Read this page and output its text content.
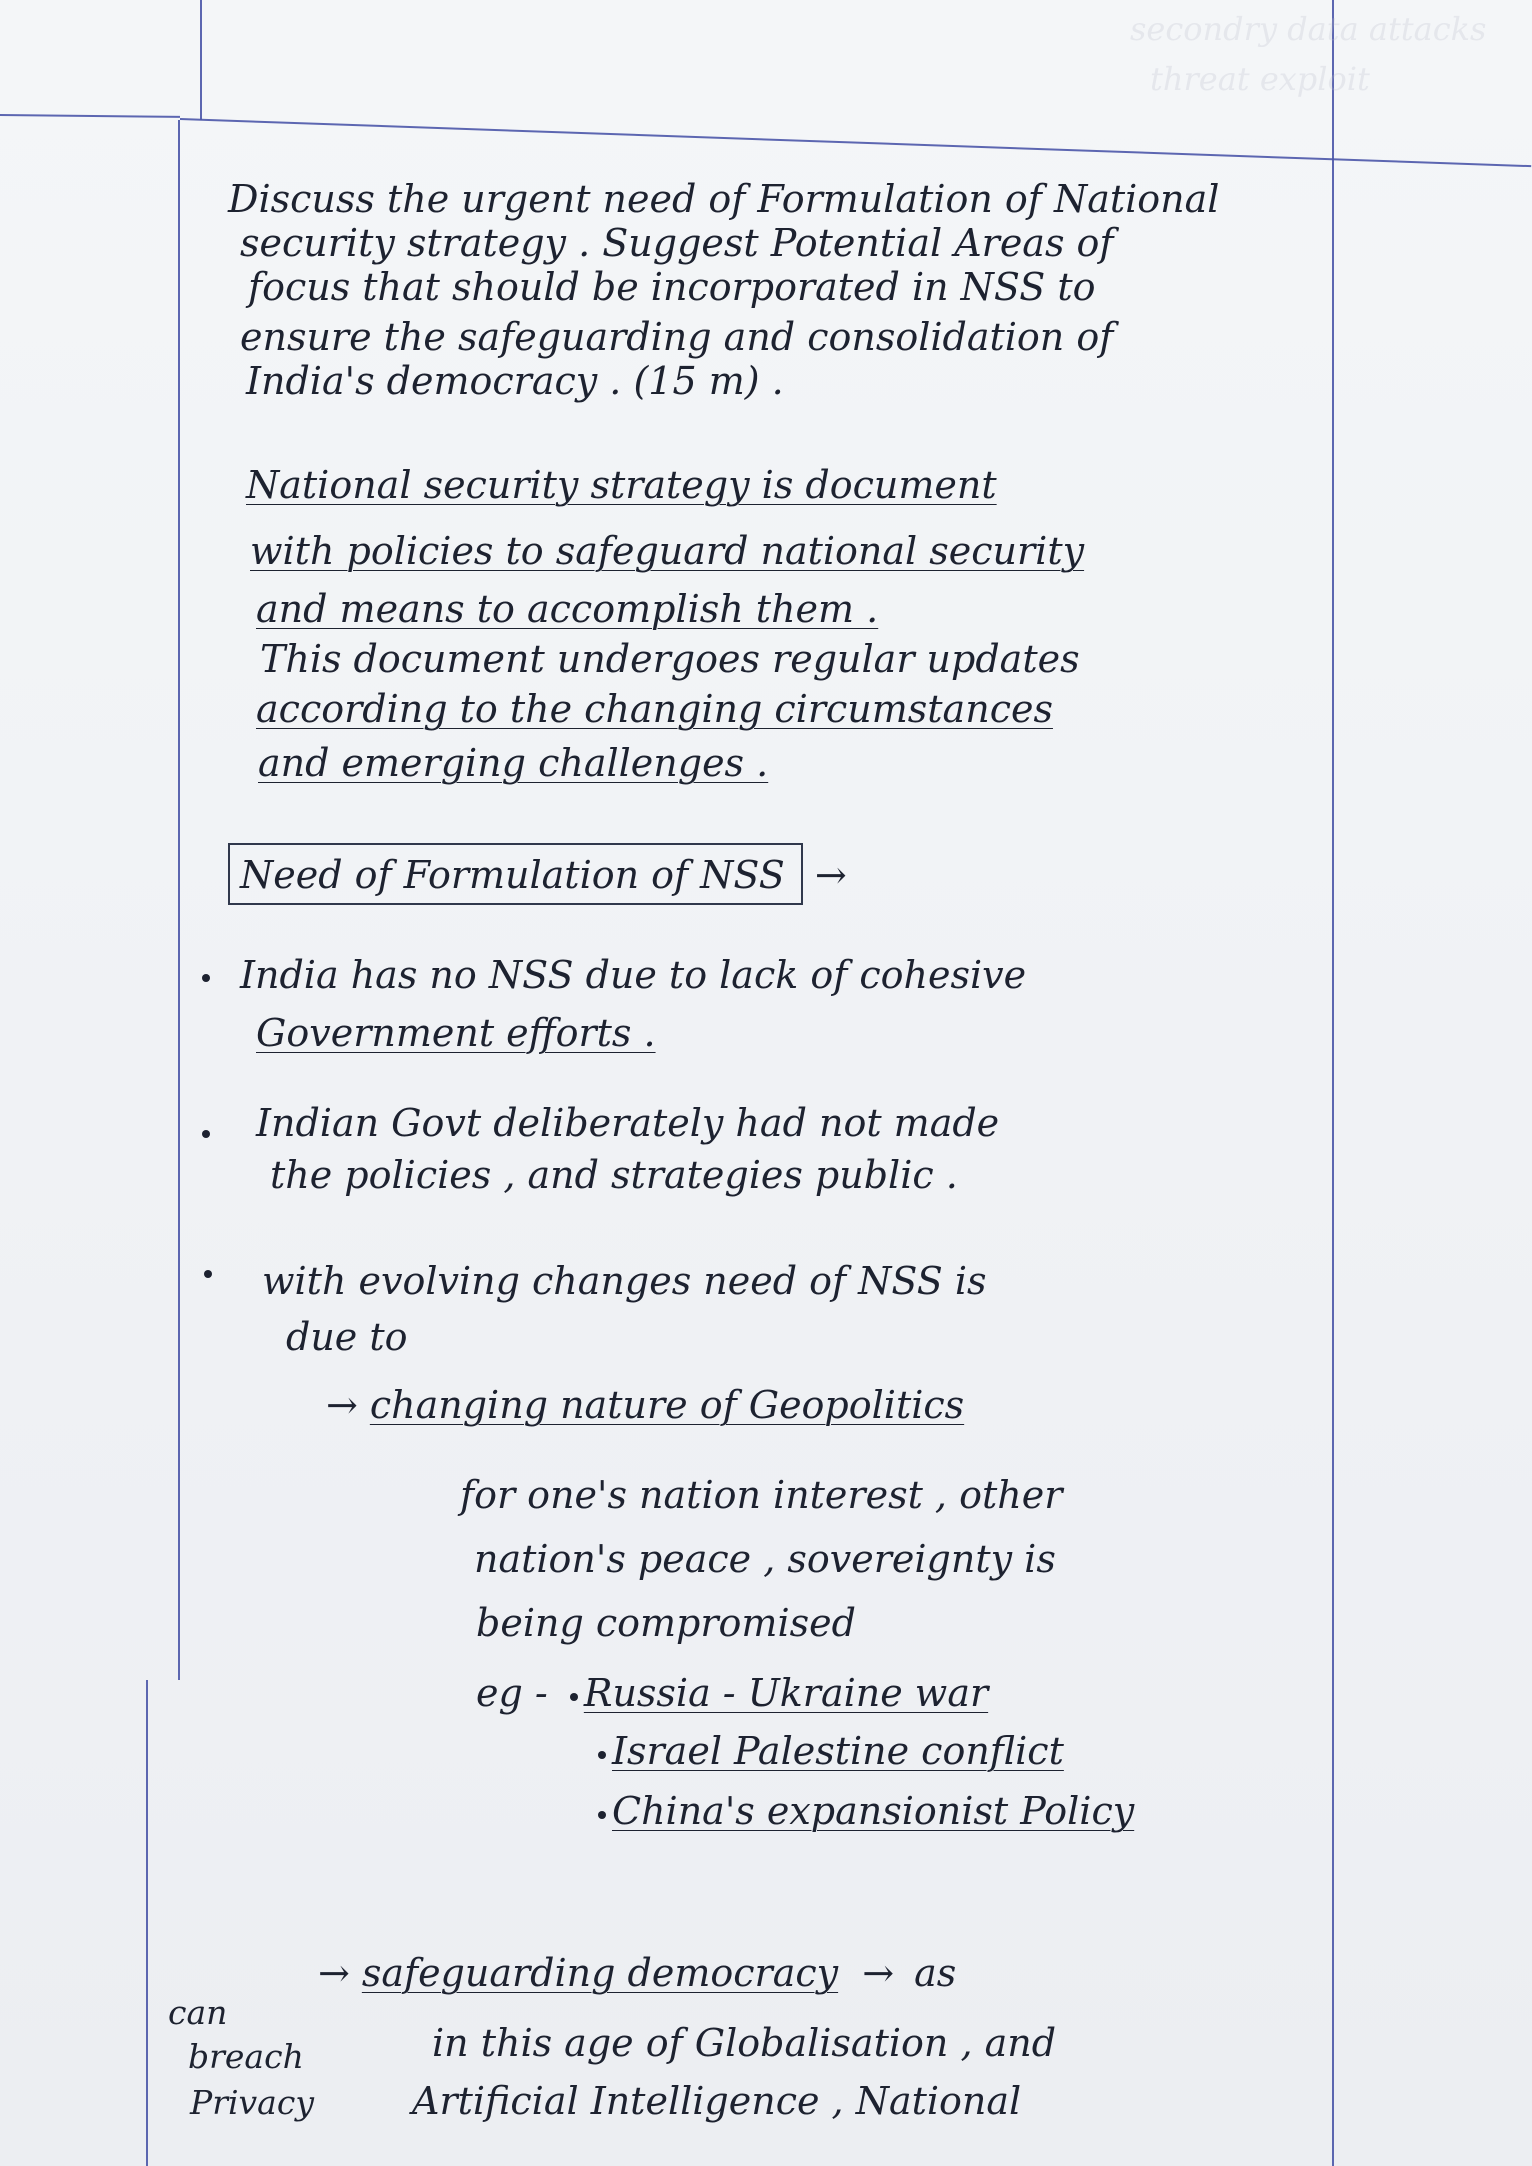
secondry data attacks
threat exploit
Discuss the urgent need of Formulation of National
security strategy . Suggest Potential Areas of
focus that should be incorporated in NSS to
ensure the safeguarding and consolidation of
India's democracy . (15 m) .
National security strategy is document
with policies to safeguard national security
and means to accomplish them .
This document undergoes regular updates
according to the changing circumstances
and emerging challenges .
Need of Formulation of NSS →
India has no NSS due to lack of cohesive
Government efforts .
Indian Govt deliberately had not made
the policies , and strategies public .
with evolving changes need of NSS is
due to
→ changing nature of Geopolitics
for one's nation interest , other
nation's peace , sovereignty is
being compromised
eg - Russia - Ukraine war
Israel Palestine conflict
China's expansionist Policy
→ safeguarding democracy → as
in this age of Globalisation , and
Artificial Intelligence , National
can
breach
Privacy
